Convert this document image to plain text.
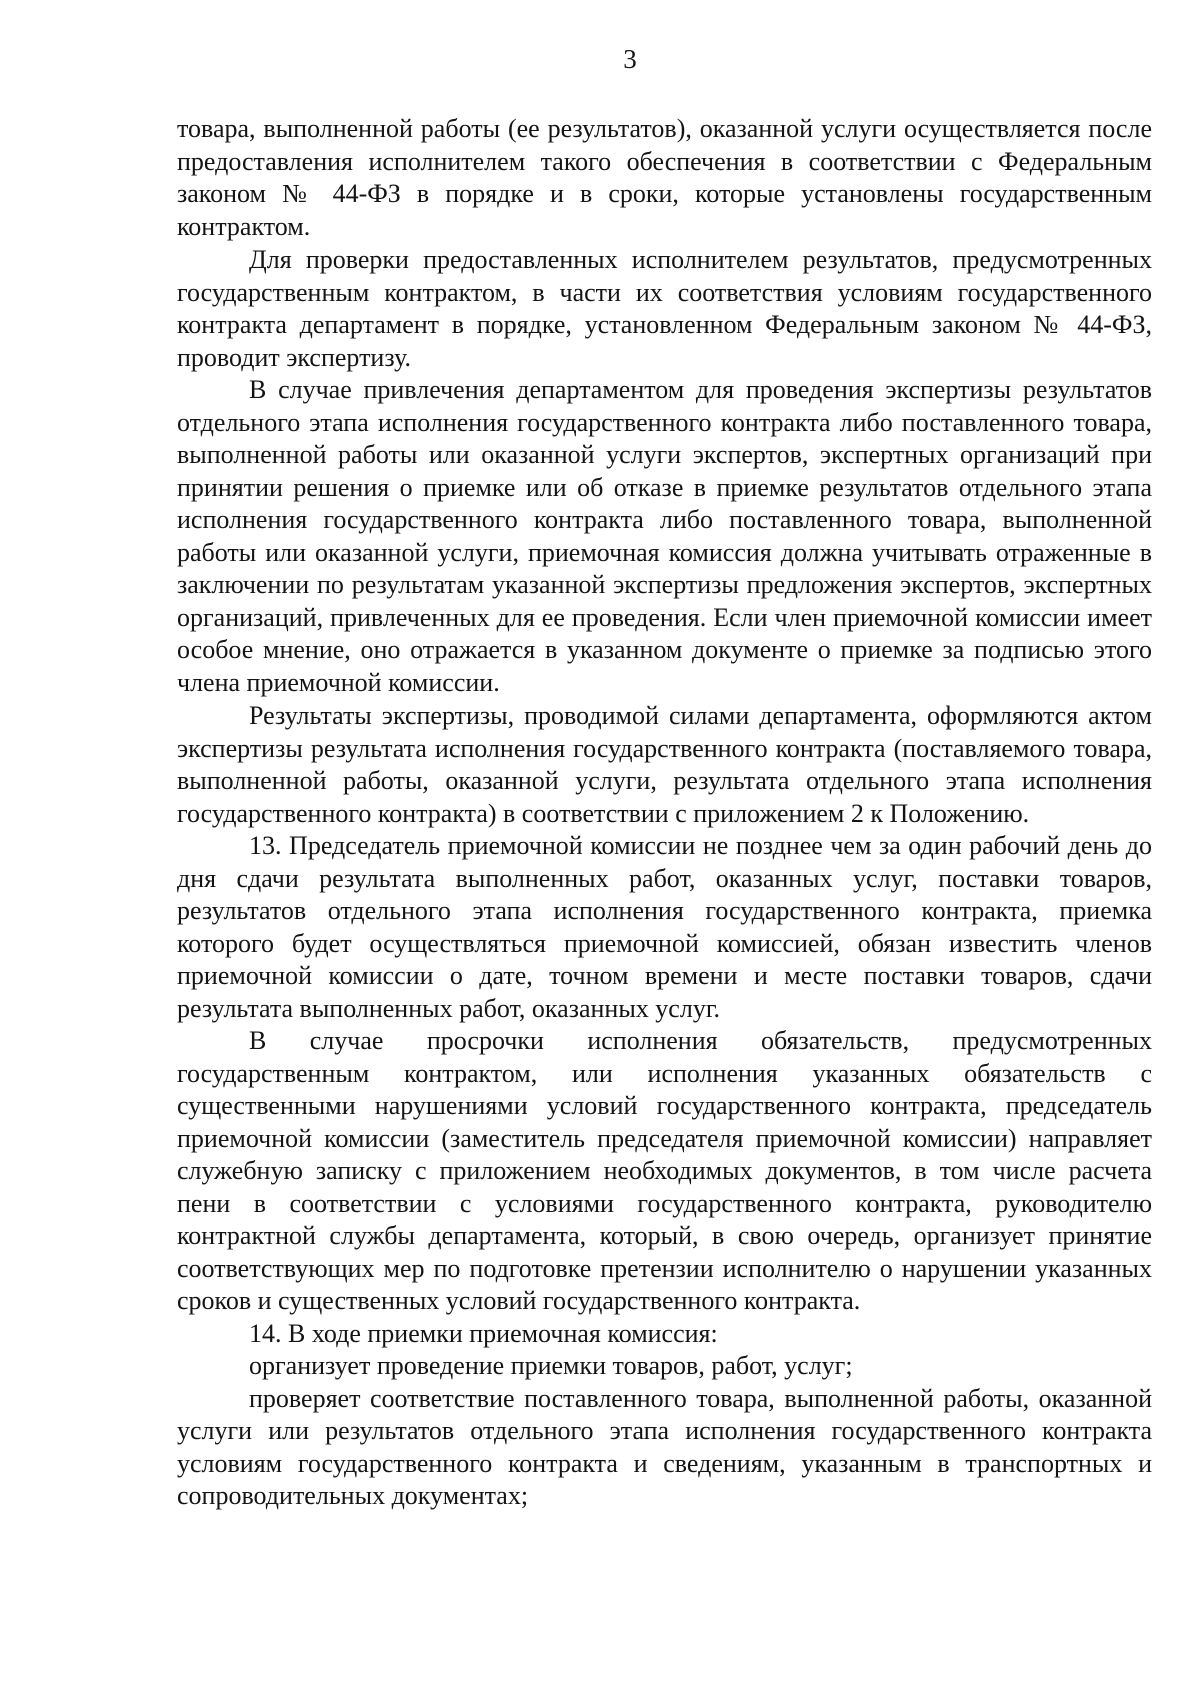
3

товара, выполненной работы (ее результатов), оказанной услуги осуществляется после предоставления исполнителем такого обеспечения в соответствии с Федеральным законом № 44-ФЗ в порядке и в сроки, которые установлены государственным контрактом.

Для проверки предоставленных исполнителем результатов, предусмотренных государственным контрактом, в части их соответствия условиям государственного контракта департамент в порядке, установленном Федеральным законом № 44-ФЗ, проводит экспертизу.

В случае привлечения департаментом для проведения экспертизы результатов отдельного этапа исполнения государственного контракта либо поставленного товара, выполненной работы или оказанной услуги экспертов, экспертных организаций при принятии решения о приемке или об отказе в приемке результатов отдельного этапа исполнения государственного контракта либо поставленного товара, выполненной работы или оказанной услуги, приемочная комиссия должна учитывать отраженные в заключении по результатам указанной экспертизы предложения экспертов, экспертных организаций, привлеченных для ее проведения. Если член приемочной комиссии имеет особое мнение, оно отражается в указанном документе о приемке за подписью этого члена приемочной комиссии.

Результаты экспертизы, проводимой силами департамента, оформляются актом экспертизы результата исполнения государственного контракта (поставляемого товара, выполненной работы, оказанной услуги, результата отдельного этапа исполнения государственного контракта) в соответствии с приложением 2 к Положению.

13. Председатель приемочной комиссии не позднее чем за один рабочий день до дня сдачи результата выполненных работ, оказанных услуг, поставки товаров, результатов отдельного этапа исполнения государственного контракта, приемка которого будет осуществляться приемочной комиссией, обязан известить членов приемочной комиссии о дате, точном времени и месте поставки товаров, сдачи результата выполненных работ, оказанных услуг.

В случае просрочки исполнения обязательств, предусмотренных государственным контрактом, или исполнения указанных обязательств с существенными нарушениями условий государственного контракта, председатель приемочной комиссии (заместитель председателя приемочной комиссии) направляет служебную записку с приложением необходимых документов, в том числе расчета пени в соответствии с условиями государственного контракта, руководителю контрактной службы департамента, который, в свою очередь, организует принятие соответствующих мер по подготовке претензии исполнителю о нарушении указанных сроков и существенных условий государственного контракта.

14. В ходе приемки приемочная комиссия:

организует проведение приемки товаров, работ, услуг;

проверяет соответствие поставленного товара, выполненной работы, оказанной услуги или результатов отдельного этапа исполнения государственного контракта условиям государственного контракта и сведениям, указанным в транспортных и сопроводительных документах;
